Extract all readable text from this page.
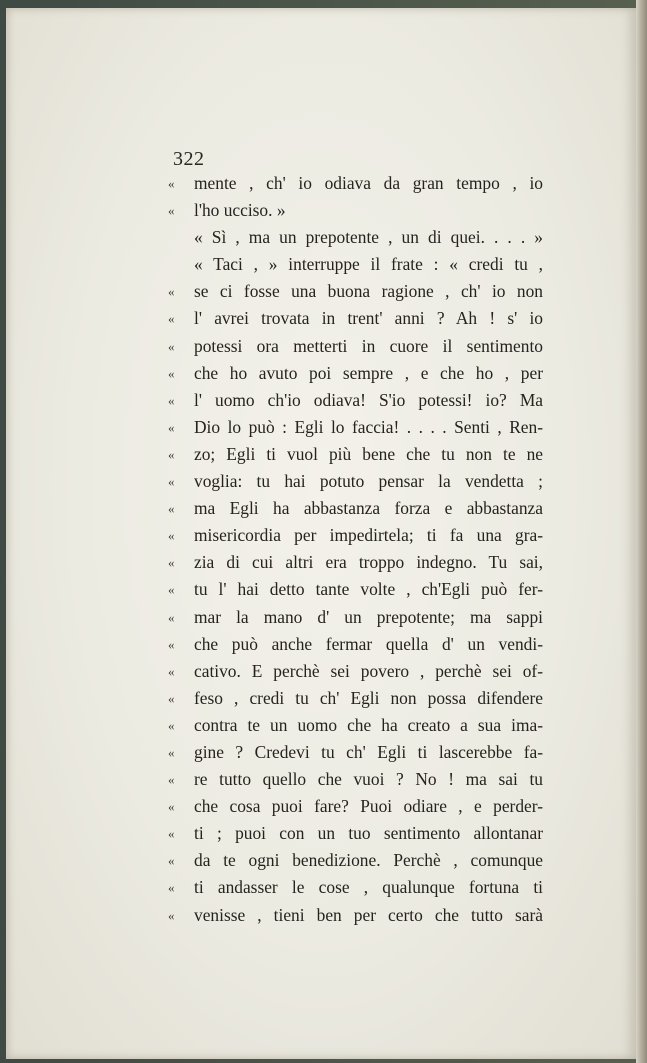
322
« mente , ch' io odiava da gran tempo , io
« l'ho ucciso. »
« Sì , ma un prepotente , un di quei. . . . »
« Taci , » interruppe il frate : « credi tu ,
« se ci fosse una buona ragione , ch' io non
« l' avrei trovata in trent' anni ? Ah ! s' io
« potessi ora metterti in cuore il sentimento
« che ho avuto poi sempre , e che ho , per
« l' uomo ch'io odiava! S'io potessi! io? Ma
« Dio lo può : Egli lo faccia! . . . . Senti , Ren-
« zo; Egli ti vuol più bene che tu non te ne
« voglia: tu hai potuto pensar la vendetta ;
« ma Egli ha abbastanza forza e abbastanza
« misericordia per impedirtela; ti fa una gra-
« zia di cui altri era troppo indegno. Tu sai,
« tu l' hai detto tante volte , ch'Egli può fer-
« mar la mano d' un prepotente; ma sappi
« che può anche fermar quella d' un vendi-
« cativo. E perchè sei povero , perchè sei of-
« feso , credi tu ch' Egli non possa difendere
« contra te un uomo che ha creato a sua ima-
« gine ? Credevi tu ch' Egli ti lascerebbe fa-
« re tutto quello che vuoi ? No ! ma sai tu
« che cosa puoi fare? Puoi odiare , e perder-
« ti ; puoi con un tuo sentimento allontanar
« da te ogni benedizione. Perchè , comunque
« ti andasser le cose , qualunque fortuna ti
« venisse , tieni ben per certo che tutto sarà
